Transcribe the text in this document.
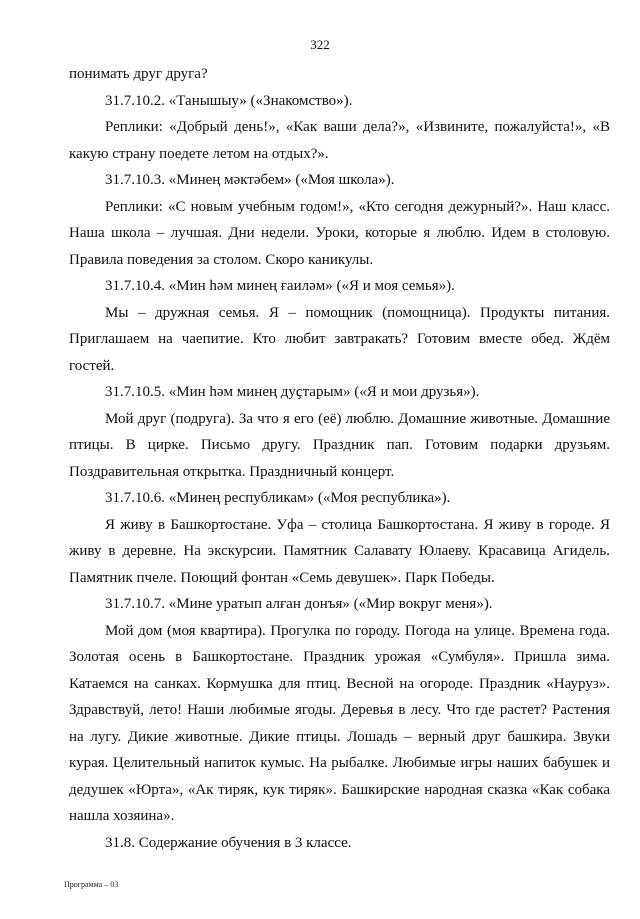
322

понимать друг друга?

31.7.10.2. «Танышыу» («Знакомство»).

Реплики: «Добрый день!», «Как ваши дела?», «Извините, пожалуйста!», «В какую страну поедете летом на отдых?».

31.7.10.3. «Минең мәктәбем» («Моя школа»).

Реплики: «С новым учебным годом!», «Кто сегодня дежурный?». Наш класс. Наша школа – лучшая. Дни недели. Уроки, которые я люблю. Идем в столовую. Правила поведения за столом. Скоро каникулы.

31.7.10.4. «Мин һәм минең ғаиләм» («Я и моя семья»).

Мы – дружная семья. Я – помощник (помощница). Продукты питания. Приглашаем на чаепитие. Кто любит завтракать? Готовим вместе обед. Ждём гостей.

31.7.10.5. «Мин һәм минең дуҫтарым» («Я и мои друзья»).

Мой друг (подруга). За что я его (её) люблю. Домашние животные. Домашние птицы. В цирке. Письмо другу. Праздник пап. Готовим подарки друзьям. Поздравительная открытка. Праздничный концерт.

31.7.10.6. «Минең республикам» («Моя республика»).

Я живу в Башкортостане. Уфа – столица Башкортостана. Я живу в городе. Я живу в деревне. На экскурсии. Памятник Салавату Юлаеву. Красавица Агидель. Памятник пчеле. Поющий фонтан «Семь девушек». Парк Победы.

31.7.10.7. «Мине уратып алған донъя» («Мир вокруг меня»).

Мой дом (моя квартира). Прогулка по городу. Погода на улице. Времена года. Золотая осень в Башкортостане. Праздник урожая «Сумбуля». Пришла зима. Катаемся на санках. Кормушка для птиц. Весной на огороде. Праздник «Науруз». Здравствуй, лето! Наши любимые ягоды. Деревья в лесу. Что где растет? Растения на лугу. Дикие животные. Дикие птицы. Лошадь – верный друг башкира. Звуки курая. Целительный напиток кумыс. На рыбалке. Любимые игры наших бабушек и дедушек «Юрта», «Ак тиряк, кук тиряк». Башкирские народная сказка «Как собака нашла хозяина».

31.8. Содержание обучения в 3 классе.

Программа – 03
